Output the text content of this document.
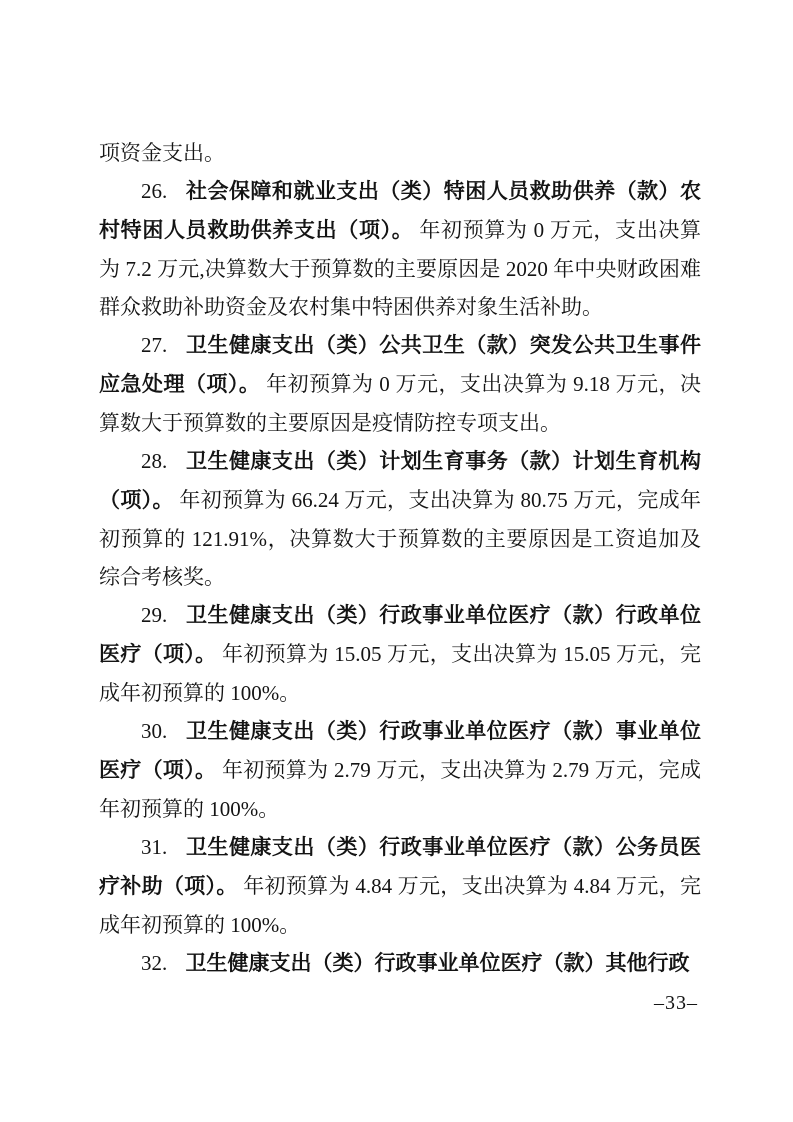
项资金支出。

26. 社会保障和就业支出（类）特困人员救助供养（款）农村特困人员救助供养支出（项）。 年初预算为 0 万元，支出决算为 7.2 万元,决算数大于预算数的主要原因是 2020 年中央财政困难群众救助补助资金及农村集中特困供养对象生活补助。

27. 卫生健康支出（类）公共卫生（款）突发公共卫生事件应急处理（项）。 年初预算为 0 万元，支出决算为 9.18 万元，决算数大于预算数的主要原因是疫情防控专项支出。

28. 卫生健康支出（类）计划生育事务（款）计划生育机构（项）。 年初预算为 66.24 万元，支出决算为 80.75 万元，完成年初预算的 121.91%，决算数大于预算数的主要原因是工资追加及综合考核奖。

29. 卫生健康支出（类）行政事业单位医疗（款）行政单位医疗（项）。 年初预算为 15.05 万元，支出决算为 15.05 万元，完成年初预算的 100%。

30. 卫生健康支出（类）行政事业单位医疗（款）事业单位医疗（项）。 年初预算为 2.79 万元，支出决算为 2.79 万元，完成年初预算的 100%。

31. 卫生健康支出（类）行政事业单位医疗（款）公务员医疗补助（项）。 年初预算为 4.84 万元，支出决算为 4.84 万元，完成年初预算的 100%。

32. 卫生健康支出（类）行政事业单位医疗（款）其他行政

–33–
